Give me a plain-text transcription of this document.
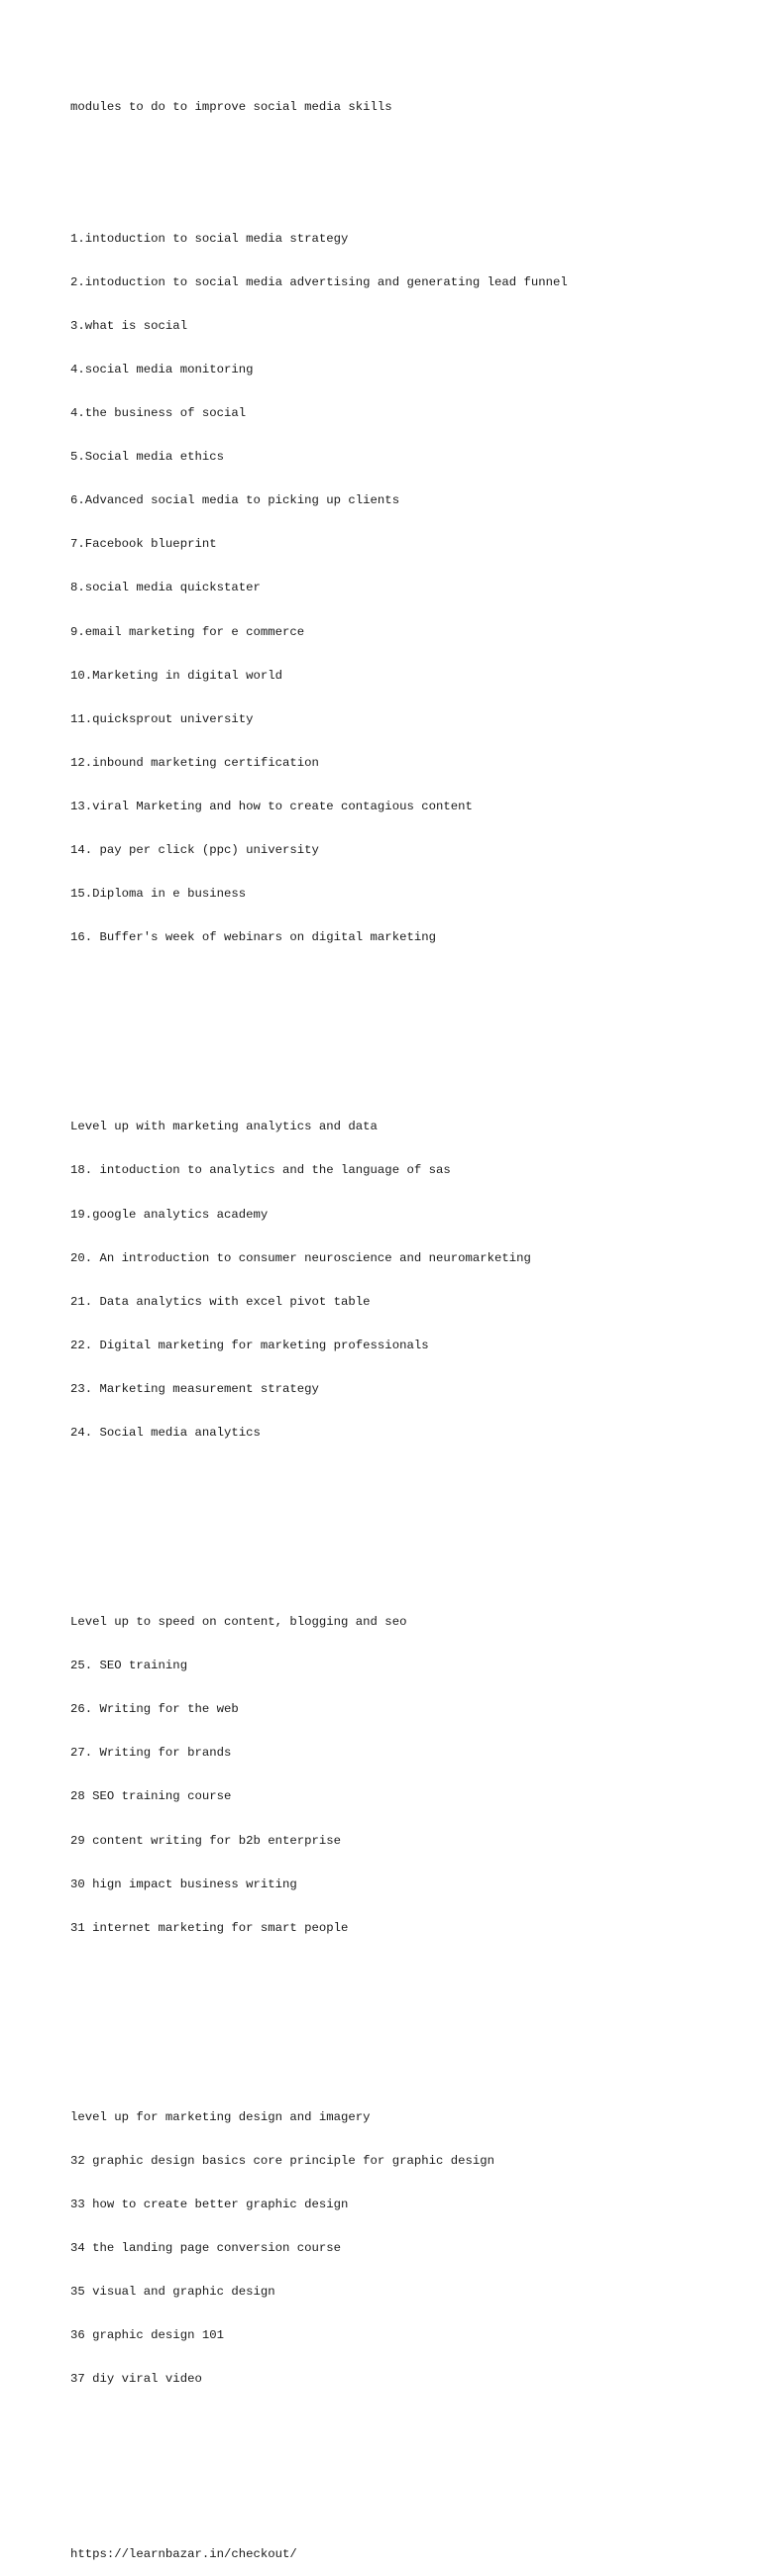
modules to do to improve social media skills

1.intoduction to social media strategy

2.intoduction to social media advertising and generating lead funnel

3.what is social

4.social media monitoring

4.the business of social

5.Social media ethics

6.Advanced social media to picking up clients

7.Facebook blueprint

8.social media quickstater

9.email marketing for e commerce

10.Marketing in digital world

11.quicksprout university

12.inbound marketing certification

13.viral Marketing and how to create contagious content

14. pay per click (ppc) university

15.Diploma in e business

16. Buffer's week of webinars on digital marketing

Level up with marketing analytics and data

18. intoduction to analytics and the language of sas

19.google analytics academy

20. An introduction to consumer neuroscience and neuromarketing

21. Data analytics with excel pivot table

22. Digital marketing for marketing professionals

23. Marketing measurement strategy

24. Social media analytics

Level up to speed on content, blogging and seo

25. SEO training

26. Writing for the web

27. Writing for brands

28 SEO training course

29 content writing for b2b enterprise

30 hign impact business writing

31 internet marketing for smart people

level up for marketing design and imagery

32 graphic design basics core principle for graphic design

33 how to create better graphic design

34 the landing page conversion course

35 visual and graphic design

36 graphic design 101

37 diy viral video

https://learnbazar.in/checkout/
